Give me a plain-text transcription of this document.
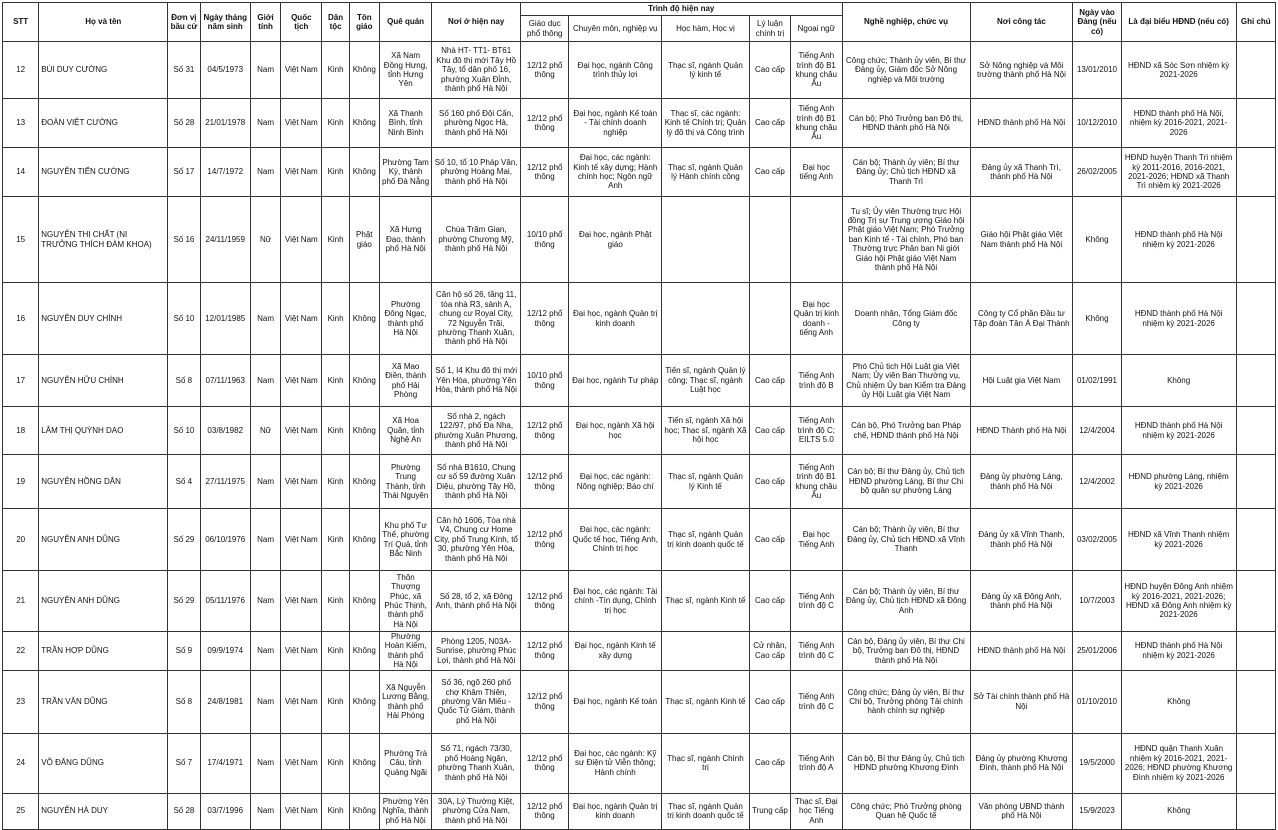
STT	Họ và tên	Đơn vị bầu cử	Ngày tháng năm sinh	Giới tính	Quốc tịch	Dân tộc	Tôn giáo	Quê quán	Nơi ở hiện nay	Trình độ hiện nay					Nghề nghiệp, chức vụ	Nơi công tác	Ngày vào Đảng (nếu có)	Là đại biểu HĐND (nếu có)	Ghi chú
										Giáo dục phổ thông	Chuyên môn, nghiệp vụ	Học hàm, Học vị	Lý luận chính trị	Ngoại ngữ					
12	BÙI DUY CƯỜNG	Số 31	04/5/1973	Nam	Việt Nam	Kinh	Không	Xã Nam Đồng Hưng, tỉnh Hưng Yên	Nhà HT- TT1- BT61 Khu đô thị mới Tây Hồ Tây, tổ dân phố 16, phường Xuân Đỉnh, thành phố Hà Nội	12/12 phổ thông	Đại học, ngành Công trình thủy lợi	Thạc sĩ, ngành Quản lý kinh tế	Cao cấp	Tiếng Anh trình độ B1 khung châu Âu	Công chức; Thành ủy viên, Bí thư Đảng ủy, Giám đốc Sở Nông nghiệp và Môi trường	Sở Nông nghiệp và Môi trường thành phố Hà Nội	13/01/2010	HĐND xã Sóc Sơn nhiệm kỳ 2021-2026	
13	ĐOÀN VIỆT CƯỜNG	Số 28	21/01/1978	Nam	Việt Nam	Kinh	Không	Xã Thanh Bình, tỉnh Ninh Bình	Số 160 phố Đội Cấn, phường Ngọc Hà, thành phố Hà Nội	12/12 phổ thông	Đại học, ngành Kế toán - Tài chính doanh nghiệp	Thạc sĩ, các ngành: Kinh tế Chính trị; Quản lý đô thị và Công trình	Cao cấp	Tiếng Anh trình độ B1 khung châu Âu	Cán bộ; Phó Trưởng ban Đô thị, HĐND thành phố Hà Nội	HĐND thành phố Hà Nội	10/12/2010	HĐND thành phố Hà Nội, nhiệm kỳ 2016-2021, 2021-2026	
14	NGUYỄN TIẾN CƯỜNG	Số 17	14/7/1972	Nam	Việt Nam	Kinh	Không	Phường Tam Kỳ, thành phố Đà Nẵng	Số 10, tổ 10 Pháp Vân, phường Hoàng Mai, thành phố Hà Nội	12/12 phổ thông	Đại học, các ngành: Kinh tế xây dựng; Hành chính học; Ngôn ngữ Anh	Thạc sĩ, ngành Quản lý Hành chính công	Cao cấp	Đại học tiếng Anh	Cán bộ; Thành ủy viên; Bí thư Đảng ủy; Chủ tịch HĐND xã Thanh Trì	Đảng ủy xã Thanh Trì, thành phố Hà Nội	26/02/2005	HĐND huyện Thanh Trì nhiệm kỳ 2011-2016, 2016-2021, 2021-2026; HĐND xã Thanh Trì nhiệm kỳ 2021-2026	
15	NGUYỄN THỊ CHẤT (NI TRƯỞNG THÍCH ĐÀM KHOA)	Số 16	24/11/1959	Nữ	Việt Nam	Kinh	Phật giáo	Xã Hưng Đạo, thành phố Hà Nội	Chùa Trăm Gian, phường Chương Mỹ, thành phố Hà Nội	10/10 phổ thông	Đại học, ngành Phật giáo				Tu sĩ; Ủy viên Thường trực Hội đồng Trị sự Trung ương Giáo hội Phật giáo Việt Nam; Phó Trưởng ban Kinh tế - Tài chính, Phó ban Thường trực Phân ban Ni giới Giáo hội Phật giáo Việt Nam thành phố Hà Nội	Giáo hội Phật giáo Việt Nam thành phố Hà Nội	Không	HĐND thành phố Hà Nội nhiệm kỳ 2021-2026	
16	NGUYỄN DUY CHÍNH	Số 10	12/01/1985	Nam	Việt Nam	Kinh	Không	Phường Đông Ngạc, thành phố Hà Nội	Căn hộ số 26, tầng 11, tòa nhà R3, sảnh A, chung cư Royal City, 72 Nguyễn Trãi, phường Thanh Xuân, thành phố Hà Nội	12/12 phổ thông	Đại học, ngành Quản trị kinh doanh			Đại học Quản trị kinh doanh - tiếng Anh	Doanh nhân, Tổng Giám đốc Công ty	Công ty Cổ phần Đầu tư Tập đoàn Tân Á Đại Thành	Không	HĐND thành phố Hà Nội nhiệm kỳ 2021-2026	
17	NGUYỄN HỮU CHÍNH	Số 8	07/11/1963	Nam	Việt Nam	Kinh	Không	Xã Mao Điền, thành phố Hải Phòng	Số 1, I4 Khu đô thị mới Yên Hòa, phường Yên Hòa, thành phố Hà Nội	10/10 phổ thông	Đại học, ngành Tư pháp	Tiến sĩ, ngành Quản lý công; Thạc sĩ, ngành Luật học	Cao cấp	Tiếng Anh trình độ B	Phó Chủ tịch Hội Luật gia Việt Nam; Ủy viên Ban Thường vụ, Chủ nhiệm Ủy ban Kiểm tra Đảng ủy Hội Luật gia Việt Nam	Hội Luật gia Việt Nam	01/02/1991	Không	
18	LÂM THỊ QUỲNH DAO	Số 10	03/8/1982	Nữ	Việt Nam	Kinh	Không	Xã Hoa Quân, tỉnh Nghệ An	Số nhà 2, ngách 122/97, phố Đa Nha, phường Xuân Phương, thành phố Hà Nội	12/12 phổ thông	Đại học, ngành Xã hội học	Tiến sĩ, ngành Xã hội học; Thạc sĩ, ngành Xã hội học	Cao cấp	Tiếng Anh trình độ C; EILTS 5.0	Cán bộ, Phó Trưởng ban Pháp chế, HĐND thành phố Hà Nội	HĐND Thành phố Hà Nội	12/4/2004	HĐND thành phố Hà Nội nhiệm kỳ 2021-2026	
19	NGUYỄN HỒNG DÂN	Số 4	27/11/1975	Nam	Việt Nam	Kinh	Không	Phường Trung Thành, tỉnh Thái Nguyên	Số nhà B1610, Chung cư số 59 đường Xuân Diệu, phường Tây Hồ, thành phố Hà Nội	12/12 phổ thông	Đại học, các ngành: Nông nghiệp; Báo chí	Thạc sĩ, ngành Quản lý Kinh tế	Cao cấp	Tiếng Anh trình độ B1 khung châu Âu	Cán bộ; Bí thư Đảng ủy, Chủ tịch HĐND phường Láng, Bí thư Chi bộ quân sự phường Láng	Đảng ủy phường Láng, thành phố Hà Nội	12/4/2002	HĐND phường Láng, nhiệm kỳ 2021-2026	
20	NGUYỄN ANH DŨNG	Số 29	06/10/1976	Nam	Việt Nam	Kinh	Không	Khu phố Tư Thế, phường Trí Quả, tỉnh Bắc Ninh	Căn hộ 1606, Tòa nhà V4, Chung cư Home City, phố Trung Kính, tổ 30, phường Yên Hòa, thành phố Hà Nội	12/12 phổ thông	Đại học, các ngành: Quốc tế học, Tiếng Anh, Chính trị học	Thạc sĩ, ngành Quản trị kinh doanh quốc tế	Cao cấp	Đại học Tiếng Anh	Cán bộ; Thành ủy viên, Bí thư Đảng ủy, Chủ tịch HĐND xã Vĩnh Thanh	Đảng ủy xã Vĩnh Thanh, thành phố Hà Nội	03/02/2005	HĐND xã Vĩnh Thanh nhiệm kỳ 2021-2026	
21	NGUYỄN ANH DŨNG	Số 29	05/11/1976	Nam	Việt Nam	Kinh	Không	Thôn Thượng Phúc, xã Phúc Thịnh, thành phố Hà Nội	Số 28, tổ 2, xã Đông Anh, thành phố Hà Nội	12/12 phổ thông	Đại học, các ngành: Tài chính -Tín dụng, Chính trị học	Thạc sĩ, ngành Kinh tế	Cao cấp	Tiếng Anh trình độ C	Cán bộ; Thành ủy viên, Bí thư Đảng ủy, Chủ tịch HĐND xã Đông Anh	Đảng ủy xã Đông Anh, thành phố Hà Nội	10/7/2003	HĐND huyện Đông Anh nhiệm kỳ 2016-2021, 2021-2026; HĐND xã Đông Anh nhiệm kỳ 2021-2026	
22	TRẦN HỢP DŨNG	Số 9	09/9/1974	Nam	Việt Nam	Kinh	Không	Phường Hoàn Kiếm, thành phố Hà Nội	Phòng 1205, N03A-Sunrise, phường Phúc Lợi, thành phố Hà Nội	12/12 phổ thông	Đại học, ngành Kinh tế xây dựng		Cử nhân, Cao cấp	Tiếng Anh trình độ C	Cán bộ, Đảng ủy viên, Bí thư Chi bộ, Trưởng ban Đô thị, HĐND thành phố Hà Nội	HĐND thành phố Hà Nội	25/01/2006	HĐND thành phố Hà Nội nhiệm kỳ 2021-2026	
23	TRẦN VĂN DŨNG	Số 8	24/8/1981	Nam	Việt Nam	Kinh	Không	Xã Nguyễn Lương Bằng, thành phố Hải Phòng	Số 36, ngõ 260 phố chợ Khâm Thiên, phường Văn Miếu - Quốc Tử Giám, thành phố Hà Nội	12/12 phổ thông	Đại học, ngành Kế toán	Thạc sĩ, ngành Kinh tế	Cao cấp	Tiếng Anh trình độ C	Công chức; Đảng ủy viên, Bí thư Chi bộ, Trưởng phòng Tài chính hành chính sự nghiệp	Sở Tài chính thành phố Hà Nội	01/10/2010	Không	
24	VÕ ĐĂNG DŨNG	Số 7	17/4/1971	Nam	Việt Nam	Kinh	Không	Phường Trà Câu, tỉnh Quảng Ngãi	Số 71, ngách 73/30, phố Hoàng Ngân, phường Thanh Xuân, thành phố Hà Nội	12/12 phổ thông	Đại học, các ngành: Kỹ sư Điện tử Viễn thông; Hành chính	Thạc sĩ, ngành Chính trị	Cao cấp	Tiếng Anh trình độ A	Cán bộ, Bí thư Đảng ủy, Chủ tịch HĐND phường Khương Đình	Đảng ủy phường Khương Đình, thành phố Hà Nội	19/5/2000	HĐND quận Thanh Xuân nhiệm kỳ 2016-2021, 2021-2026; HĐND phường Khương Đình nhiệm kỳ 2021-2026	
25	NGUYỄN HÀ DUY	Số 28	03/7/1996	Nam	Việt Nam	Kinh	Không	Phường Yên Nghĩa, thành phố Hà Nội	30A, Lý Thường Kiệt, phường Cửa Nam, thành phố Hà Nội	12/12 phổ thông	Đại học, ngành Quản trị kinh doanh	Thạc sĩ, ngành Quản trị kinh doanh quốc tế	Trung cấp	Thạc sĩ, Đại học Tiếng Anh	Công chức; Phó Trưởng phòng Quan hệ Quốc tế	Văn phòng UBND thành phố Hà Nội	15/9/2023	Không	
